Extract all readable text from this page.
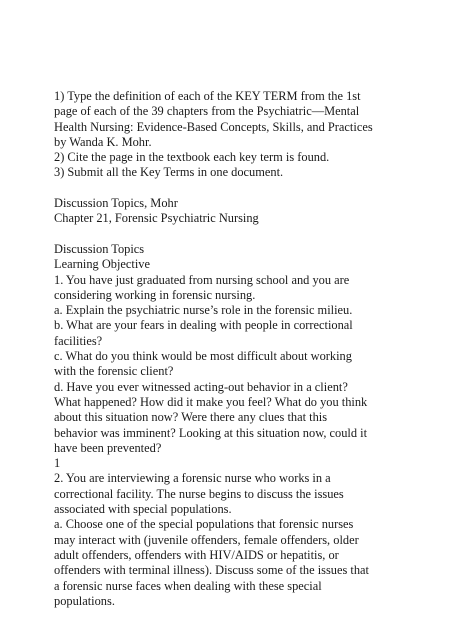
1) Type the definition of each of the KEY TERM from the 1st
page of each of the 39 chapters from the Psychiatric—Mental
Health Nursing: Evidence-Based Concepts, Skills, and Practices
by Wanda K. Mohr.
2) Cite the page in the textbook each key term is found.
3) Submit all the Key Terms in one document.
Discussion Topics, Mohr
Chapter 21, Forensic Psychiatric Nursing
Discussion Topics
Learning Objective
1. You have just graduated from nursing school and you are
considering working in forensic nursing.
a. Explain the psychiatric nurse’s role in the forensic milieu.
b. What are your fears in dealing with people in correctional
facilities?
c. What do you think would be most difficult about working
with the forensic client?
d. Have you ever witnessed acting-out behavior in a client?
What happened? How did it make you feel? What do you think
about this situation now? Were there any clues that this
behavior was imminent? Looking at this situation now, could it
have been prevented?
1
2. You are interviewing a forensic nurse who works in a
correctional facility. The nurse begins to discuss the issues
associated with special populations.
a. Choose one of the special populations that forensic nurses
may interact with (juvenile offenders, female offenders, older
adult offenders, offenders with HIV/AIDS or hepatitis, or
offenders with terminal illness). Discuss some of the issues that
a forensic nurse faces when dealing with these special
populations.
